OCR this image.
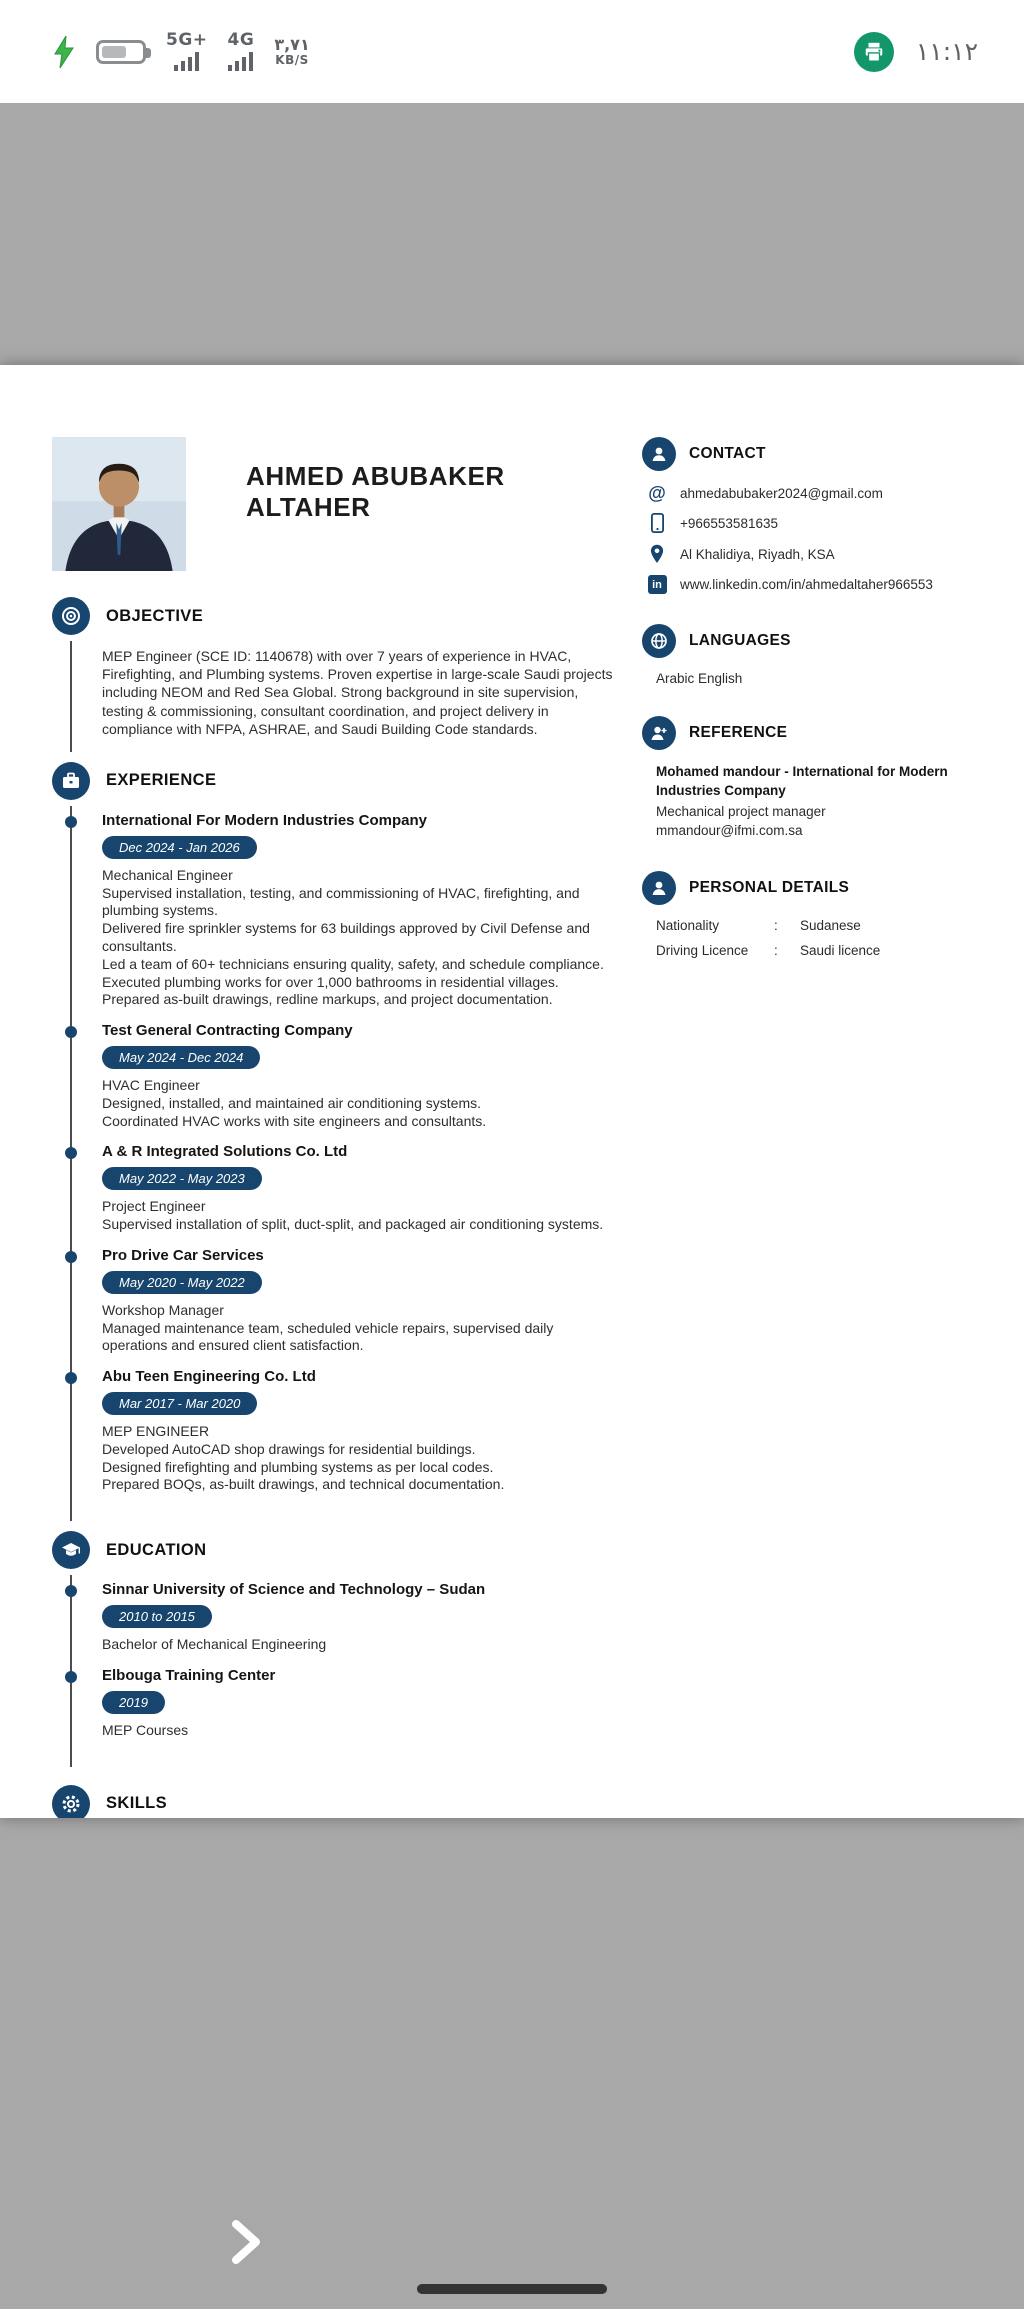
5G+ 4G ٣,٧١
KB/S	١١:١٢
AHMED ABUBAKER ALTAHER
OBJECTIVE
MEP Engineer (SCE ID: 1140678) with over 7 years of experience in HVAC, Firefighting, and Plumbing systems. Proven expertise in large-scale Saudi projects including NEOM and Red Sea Global. Strong background in site supervision, testing & commissioning, consultant coordination, and project delivery in compliance with NFPA, ASHRAE, and Saudi Building Code standards.
EXPERIENCE
International For Modern Industries Company
Dec 2024 - Jan 2026
Mechanical Engineer
Supervised installation, testing, and commissioning of HVAC, firefighting, and plumbing systems.
Delivered fire sprinkler systems for 63 buildings approved by Civil Defense and consultants.
Led a team of 60+ technicians ensuring quality, safety, and schedule compliance.
Executed plumbing works for over 1,000 bathrooms in residential villages.
Prepared as-built drawings, redline markups, and project documentation.
Test General Contracting Company
May 2024 - Dec 2024
HVAC Engineer
Designed, installed, and maintained air conditioning systems.
Coordinated HVAC works with site engineers and consultants.
A & R Integrated Solutions Co. Ltd
May 2022 - May 2023
Project Engineer
Supervised installation of split, duct-split, and packaged air conditioning systems.
Pro Drive Car Services
May 2020 - May 2022
Workshop Manager
Managed maintenance team, scheduled vehicle repairs, supervised daily operations and ensured client satisfaction.
Abu Teen Engineering Co. Ltd
Mar 2017 - Mar 2020
MEP ENGINEER
Developed AutoCAD shop drawings for residential buildings.
Designed firefighting and plumbing systems as per local codes.
Prepared BOQs, as-built drawings, and technical documentation.
EDUCATION
Sinnar University of Science and Technology – Sudan
2010 to 2015
Bachelor of Mechanical Engineering
Elbouga Training Center
2019
MEP Courses
SKILLS
CONTACT
@ ahmedabubaker2024@gmail.com
+966553581635
Al Khalidiya, Riyadh, KSA
in	www.linkedin.com/in/ahmedaltaher966553
LANGUAGES
Arabic English
REFERENCE
Mohamed mandour - International for Modern Industries Company
Mechanical project manager
mmandour@ifmi.com.sa
PERSONAL DETAILS
Nationality	:	Sudanese
Driving Licence	:	Saudi licence
